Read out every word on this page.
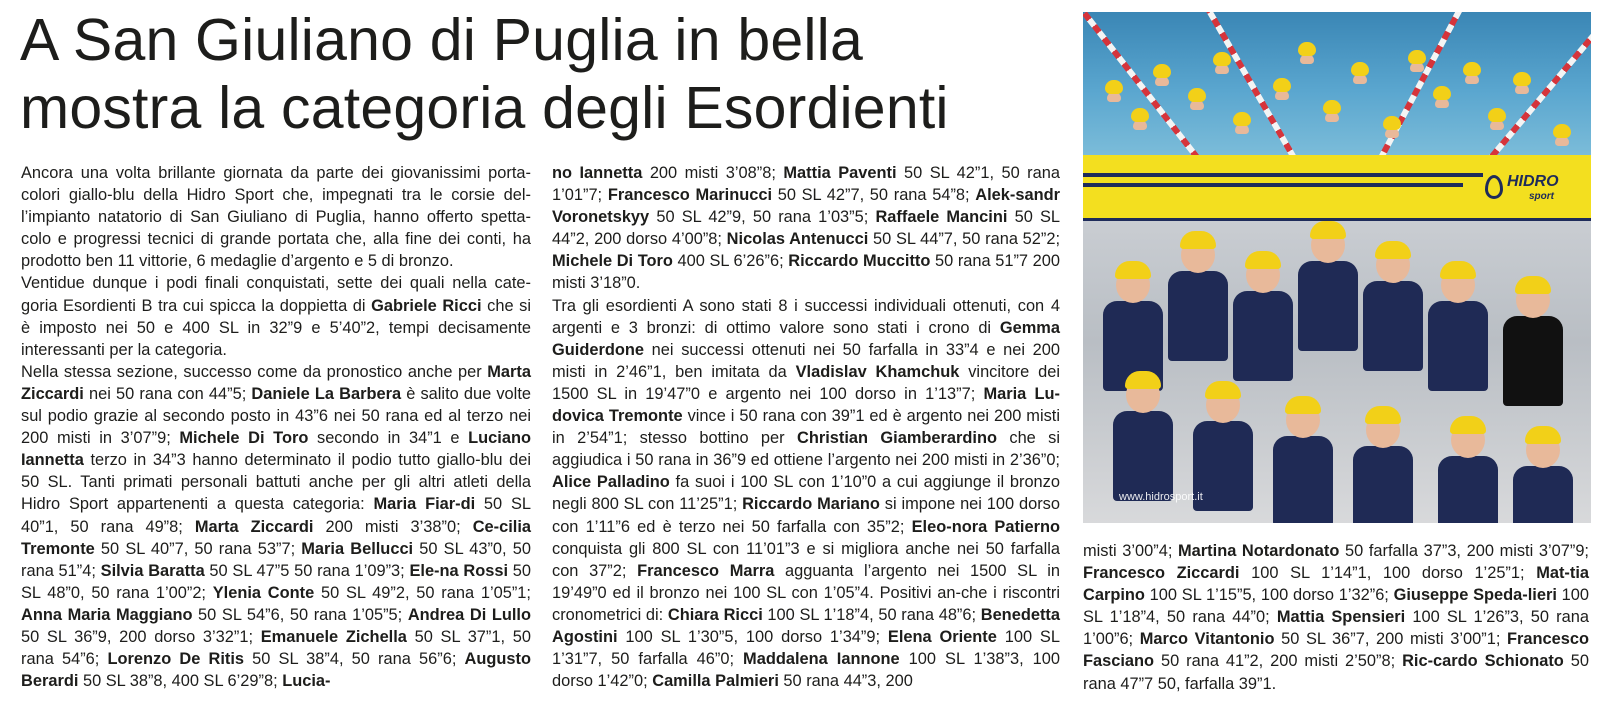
A San Giuliano di Puglia in bella
mostra la categoria degli Esordienti
Ancora una volta brillante giornata da parte dei giovanissimi porta-colori giallo-blu della Hidro Sport che, impegnati tra le corsie del-l’impianto natatorio di San Giuliano di Puglia, hanno offerto spetta-colo e progressi tecnici di grande portata che, alla fine dei conti, ha prodotto ben 11 vittorie, 6 medaglie d’argento e 5 di bronzo.
Ventidue dunque i podi finali conquistati, sette dei quali nella cate-goria Esordienti B tra cui spicca la doppietta di Gabriele Ricci che si è imposto nei 50 e 400 SL in 32”9 e 5’40”2, tempi decisamente interessanti per la categoria.
Nella stessa sezione, successo come da pronostico anche per Marta Ziccardi nei 50 rana con 44”5; Daniele La Barbera è salito due volte sul podio grazie al secondo posto in 43”6 nei 50 rana ed al terzo nei 200 misti in 3’07”9; Michele Di Toro secondo in 34”1 e Luciano Iannetta terzo in 34”3 hanno determinato il podio tutto giallo-blu dei 50 SL. Tanti primati personali battuti anche per gli altri atleti della Hidro Sport appartenenti a questa categoria: Maria Fiar-di 50 SL 40”1, 50 rana 49”8; Marta Ziccardi 200 misti 3’38”0; Ce-cilia Tremonte 50 SL 40”7, 50 rana 53”7; Maria Bellucci 50 SL 43”0, 50 rana 51”4; Silvia Baratta 50 SL 47”5 50 rana 1’09”3; Ele-na Rossi 50 SL 48”0, 50 rana 1’00”2; Ylenia Conte 50 SL 49”2, 50 rana 1’05”1; Anna Maria Maggiano 50 SL 54”6, 50 rana 1’05”5; Andrea Di Lullo 50 SL 36”9, 200 dorso 3’32”1; Emanuele Zichella 50 SL 37”1, 50 rana 54”6; Lorenzo De Ritis 50 SL 38”4, 50 rana 56”6; Augusto Berardi 50 SL 38”8, 400 SL 6’29”8; Lucia-
no Iannetta 200 misti 3’08”8; Mattia Paventi 50 SL 42”1, 50 rana 1’01”7; Francesco Marinucci 50 SL 42”7, 50 rana 54”8; Alek-sandr Voronetskyy 50 SL 42”9, 50 rana 1’03”5; Raffaele Mancini 50 SL 44”2, 200 dorso 4’00”8; Nicolas Antenucci 50 SL 44”7, 50 rana 52”2; Michele Di Toro 400 SL 6’26”6; Riccardo Muccitto 50 rana 51”7 200 misti 3’18”0.
Tra gli esordienti A sono stati 8 i successi individuali ottenuti, con 4 argenti e 3 bronzi: di ottimo valore sono stati i crono di Gemma Guiderdone nei successi ottenuti nei 50 farfalla in 33”4 e nei 200 misti in 2’46”1, ben imitata da Vladislav Khamchuk vincitore dei 1500 SL in 19’47”0 e argento nei 100 dorso in 1’13”7; Maria Lu-dovica Tremonte vince i 50 rana con 39”1 ed è argento nei 200 misti in 2’54”1; stesso bottino per Christian Giamberardino che si aggiudica i 50 rana in 36”9 ed ottiene l’argento nei 200 misti in 2’36”0; Alice Palladino fa suoi i 100 SL con 1’10”0 a cui aggiunge il bronzo negli 800 SL con 11’25”1; Riccardo Mariano si impone nei 100 dorso con 1’11”6 ed è terzo nei 50 farfalla con 35”2; Eleo-nora Patierno conquista gli 800 SL con 11’01”3 e si migliora anche nei 50 farfalla con 37”2; Francesco Marra agguanta l’argento nei 1500 SL in 19’49”0 ed il bronzo nei 100 SL con 1’05”4. Positivi an-che i riscontri cronometrici di: Chiara Ricci 100 SL 1’18”4, 50 rana 48”6; Benedetta Agostini 100 SL 1’30”5, 100 dorso 1’34”9; Elena Oriente 100 SL 1’31”7, 50 farfalla 46”0; Maddalena Iannone 100 SL 1’38”3, 100 dorso 1’42”0; Camilla Palmieri 50 rana 44”3, 200
misti 3’00”4; Martina Notardonato 50 farfalla 37”3, 200 misti 3’07”9; Francesco Ziccardi 100 SL 1’14”1, 100 dorso 1’25”1; Mat-tia Carpino 100 SL 1’15”5, 100 dorso 1’32”6; Giuseppe Speda-lieri 100 SL 1’18”4, 50 rana 44”0; Mattia Spensieri 100 SL 1’26”3, 50 rana 1’00”6; Marco Vitantonio 50 SL 36”7, 200 misti 3’00”1; Francesco Fasciano 50 rana 41”2, 200 misti 2’50”8; Ric-cardo Schionato 50 rana 47”7 50, farfalla 39”1.
HIDRO
sport
www.hidrosport.it
